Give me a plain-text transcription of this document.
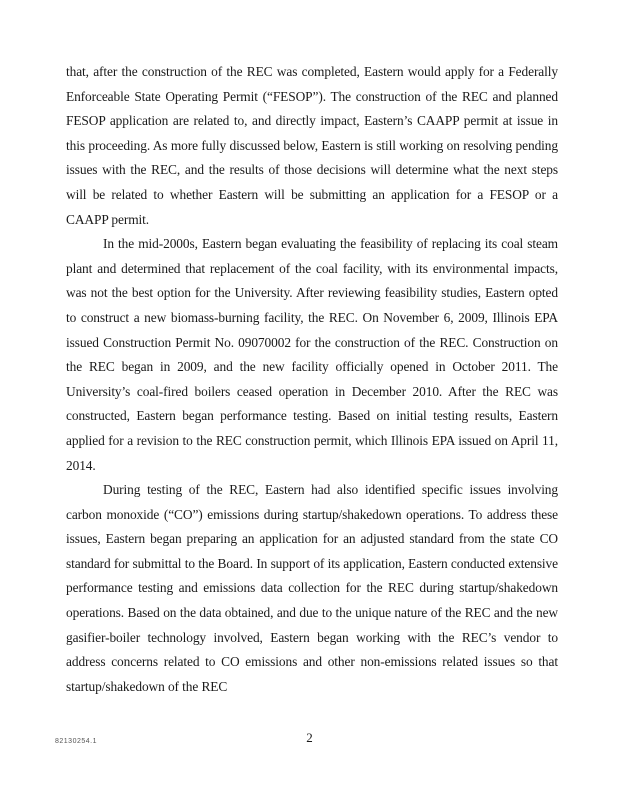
that, after the construction of the REC was completed, Eastern would apply for a Federally Enforceable State Operating Permit (“FESOP”). The construction of the REC and planned FESOP application are related to, and directly impact, Eastern’s CAAPP permit at issue in this proceeding. As more fully discussed below, Eastern is still working on resolving pending issues with the REC, and the results of those decisions will determine what the next steps will be related to whether Eastern will be submitting an application for a FESOP or a CAAPP permit.

In the mid-2000s, Eastern began evaluating the feasibility of replacing its coal steam plant and determined that replacement of the coal facility, with its environmental impacts, was not the best option for the University. After reviewing feasibility studies, Eastern opted to construct a new biomass-burning facility, the REC. On November 6, 2009, Illinois EPA issued Construction Permit No. 09070002 for the construction of the REC. Construction on the REC began in 2009, and the new facility officially opened in October 2011. The University’s coal-fired boilers ceased operation in December 2010. After the REC was constructed, Eastern began performance testing. Based on initial testing results, Eastern applied for a revision to the REC construction permit, which Illinois EPA issued on April 11, 2014.

During testing of the REC, Eastern had also identified specific issues involving carbon monoxide (“CO”) emissions during startup/shakedown operations. To address these issues, Eastern began preparing an application for an adjusted standard from the state CO standard for submittal to the Board. In support of its application, Eastern conducted extensive performance testing and emissions data collection for the REC during startup/shakedown operations. Based on the data obtained, and due to the unique nature of the REC and the new gasifier-boiler technology involved, Eastern began working with the REC’s vendor to address concerns related to CO emissions and other non-emissions related issues so that startup/shakedown of the REC

82130254.1	2
